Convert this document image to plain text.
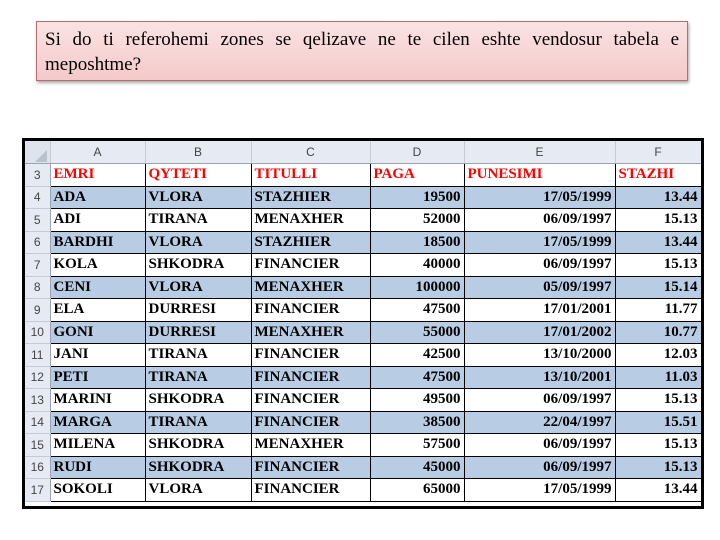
Si do ti referohemi zones se qelizave ne te cilen eshte vendosur tabela e meposhtme?
	A	B	C	D	E	F
3	EMRI	QYTETI	TITULLI	PAGA	PUNESIMI	STAZHI
4	ADA	VLORA	STAZHIER	19500	17/05/1999	13.44
5	ADI	TIRANA	MENAXHER	52000	06/09/1997	15.13
6	BARDHI	VLORA	STAZHIER	18500	17/05/1999	13.44
7	KOLA	SHKODRA	FINANCIER	40000	06/09/1997	15.13
8	CENI	VLORA	MENAXHER	100000	05/09/1997	15.14
9	ELA	DURRESI	FINANCIER	47500	17/01/2001	11.77
10	GONI	DURRESI	MENAXHER	55000	17/01/2002	10.77
11	JANI	TIRANA	FINANCIER	42500	13/10/2000	12.03
12	PETI	TIRANA	FINANCIER	47500	13/10/2001	11.03
13	MARINI	SHKODRA	FINANCIER	49500	06/09/1997	15.13
14	MARGA	TIRANA	FINANCIER	38500	22/04/1997	15.51
15	MILENA	SHKODRA	MENAXHER	57500	06/09/1997	15.13
16	RUDI	SHKODRA	FINANCIER	45000	06/09/1997	15.13
17	SOKOLI	VLORA	FINANCIER	65000	17/05/1999	13.44
